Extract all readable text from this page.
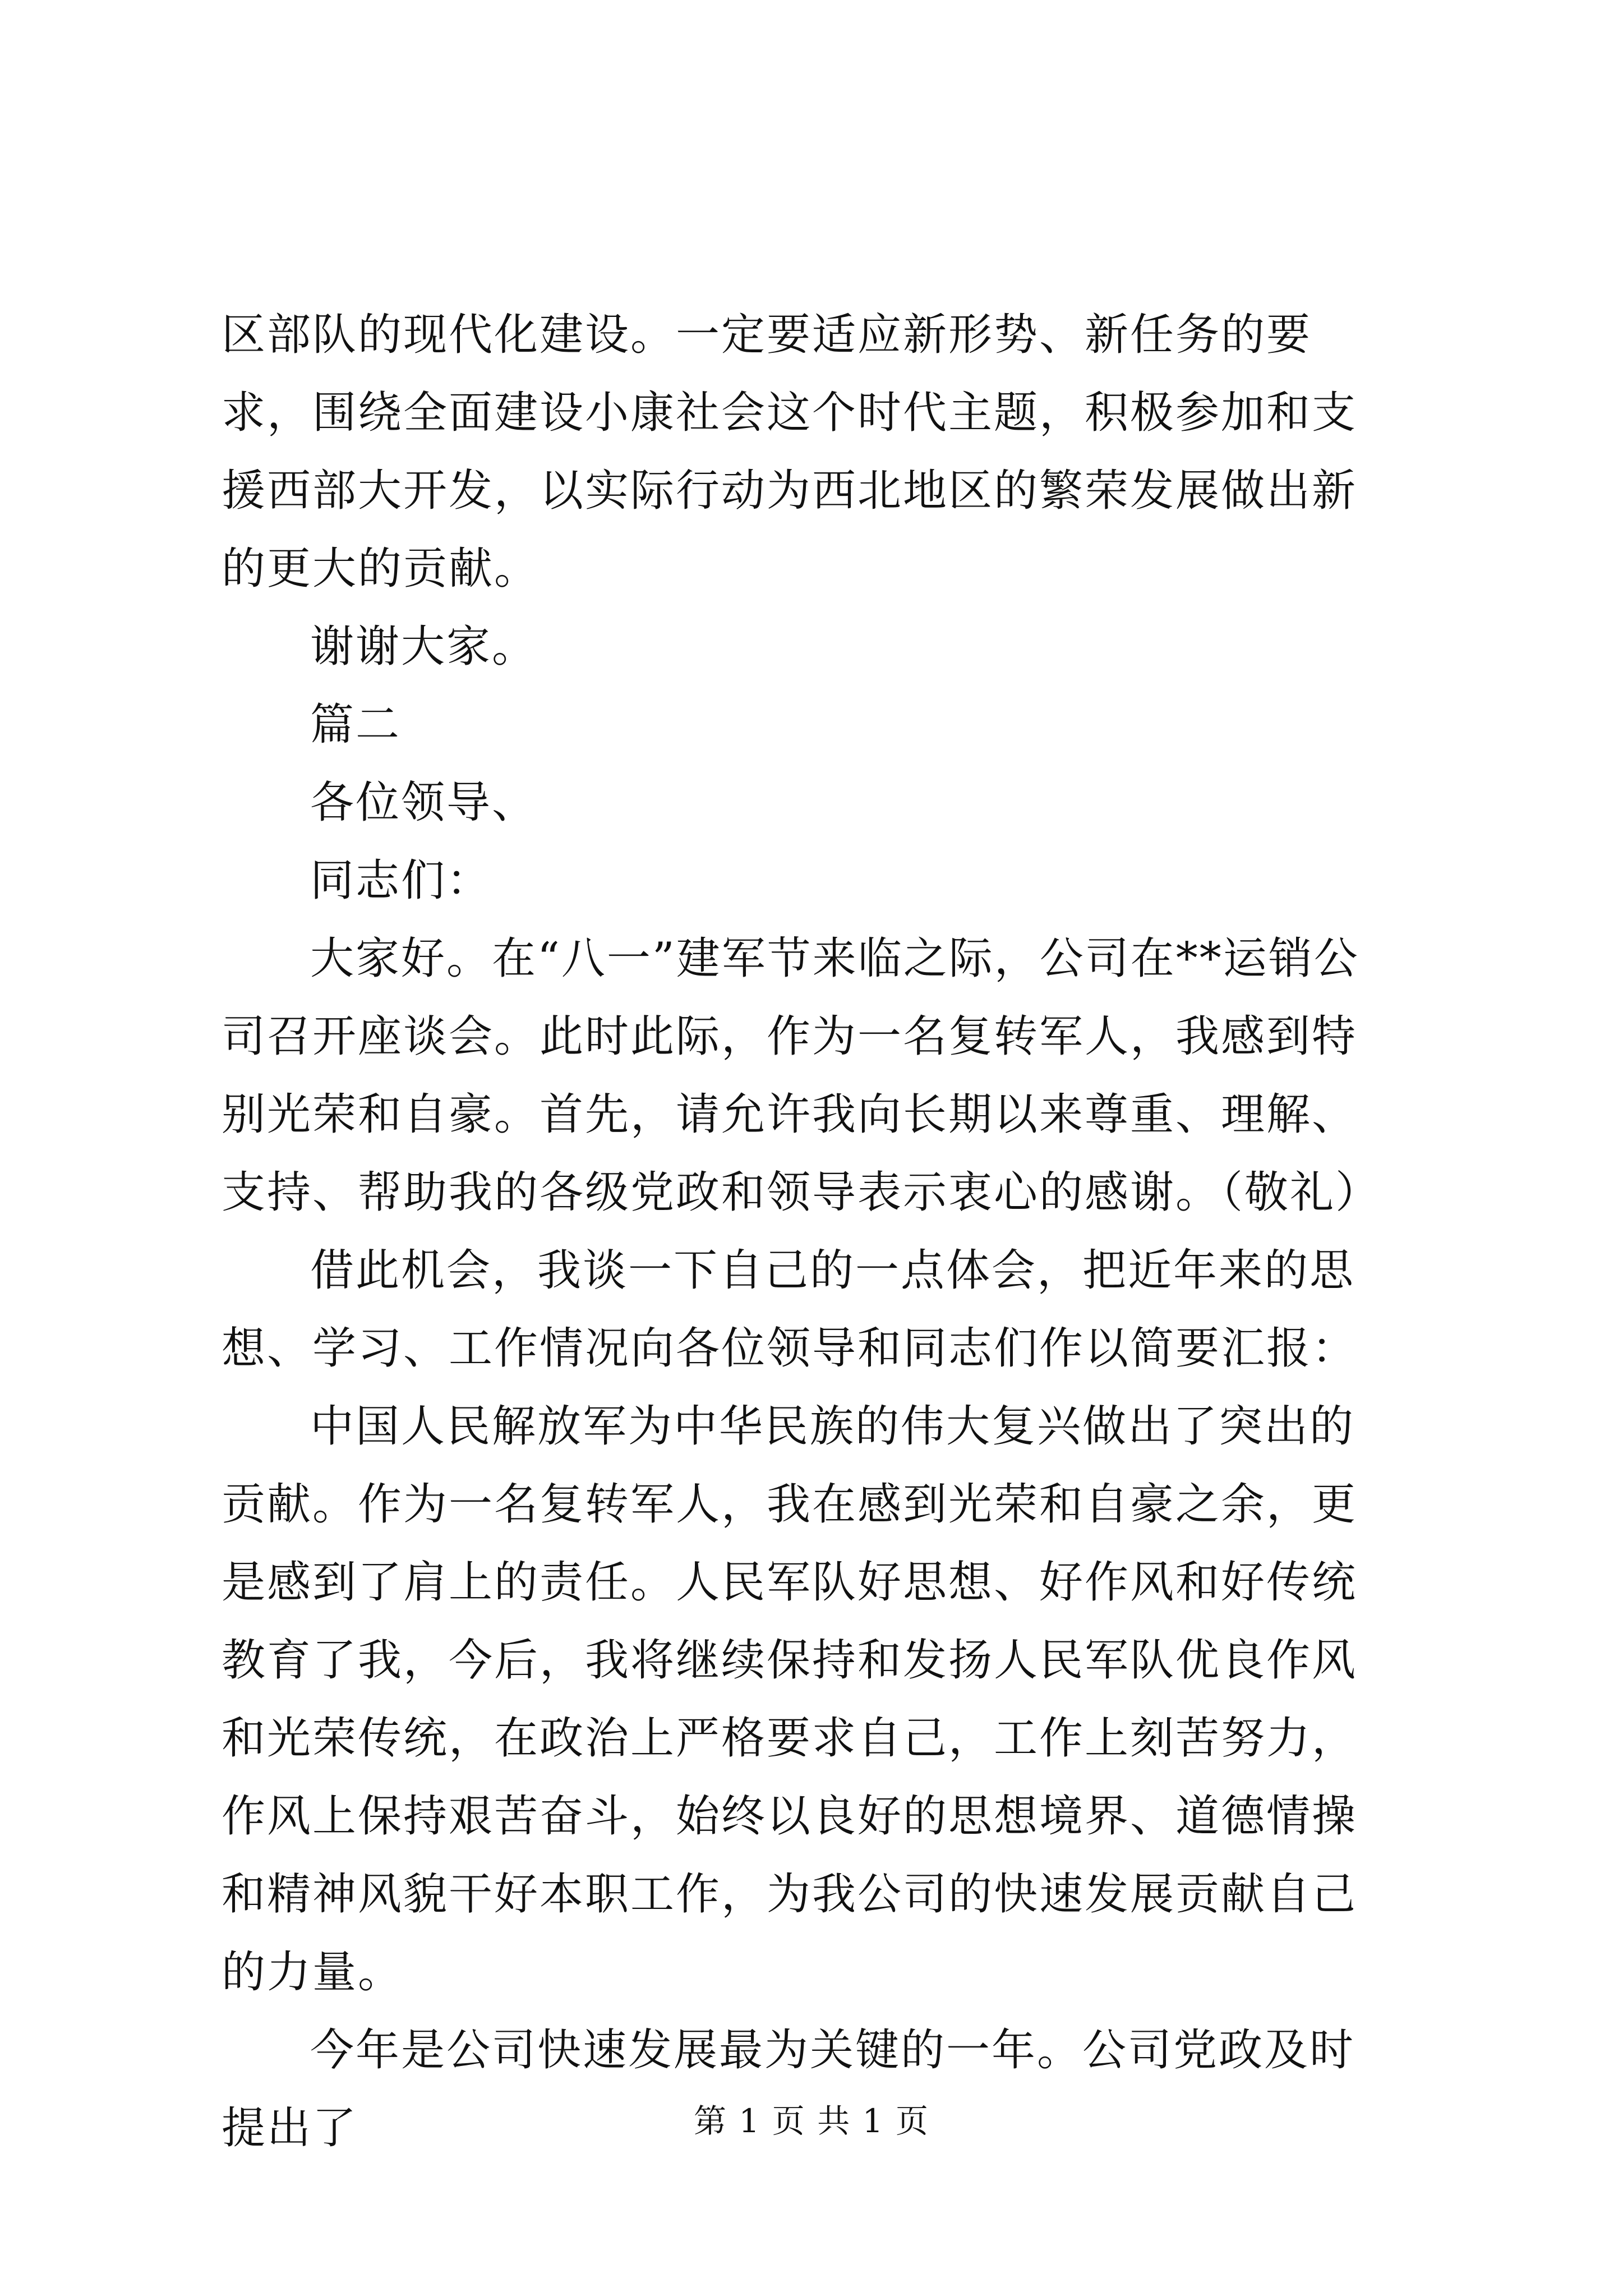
区部队的现代化建设。一定要适应新形势、新任务的要求，围绕全面建设小康社会这个时代主题，积极参加和支援西部大开发，以实际行动为西北地区的繁荣发展做出新的更大的贡献。

谢谢大家。

篇二

各位领导、

同志们：

大家好。在“八一”建军节来临之际，公司在**运销公司召开座谈会。此时此际，作为一名复转军人，我感到特别光荣和自豪。首先，请允许我向长期以来尊重、理解、支持、帮助我的各级党政和领导表示衷心的感谢。（敬礼）

借此机会，我谈一下自己的一点体会，把近年来的思想、学习、工作情况向各位领导和同志们作以简要汇报：

中国人民解放军为中华民族的伟大复兴做出了突出的贡献。作为一名复转军人，我在感到光荣和自豪之余，更是感到了肩上的责任。人民军队好思想、好作风和好传统教育了我，今后，我将继续保持和发扬人民军队优良作风和光荣传统，在政治上严格要求自己，工作上刻苦努力，作风上保持艰苦奋斗，始终以良好的思想境界、道德情操和精神风貌干好本职工作，为我公司的快速发展贡献自己的力量。

今年是公司快速发展最为关键的一年。公司党政及时提出了	第 1 页 共 1 页
